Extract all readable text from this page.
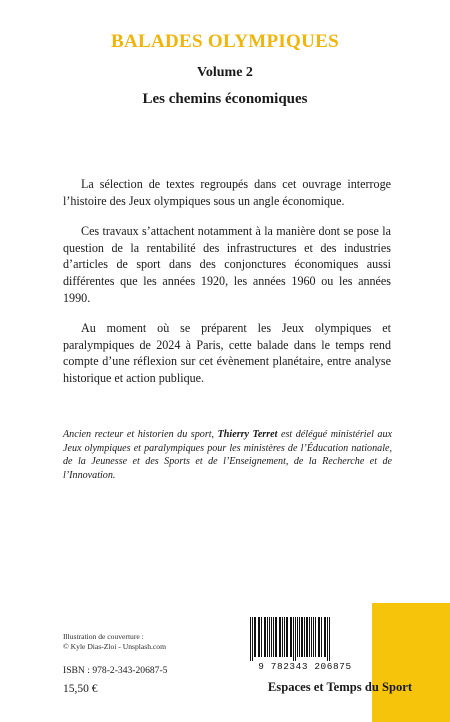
BALADES OLYMPIQUES
Volume 2
Les chemins économiques

La sélection de textes regroupés dans cet ouvrage interroge l’histoire des Jeux olympiques sous un angle économique.

Ces travaux s’attachent notamment à la manière dont se pose la question de la rentabilité des infrastructures et des industries d’articles de sport dans des conjonctures économiques aussi différentes que les années 1920, les années 1960 ou les années 1990.

Au moment où se préparent les Jeux olympiques et paralympiques de 2024 à Paris, cette balade dans le temps rend compte d’une réflexion sur cet évènement planétaire, entre analyse historique et action publique.

Ancien recteur et historien du sport, Thierry Terret est délégué ministériel aux Jeux olympiques et paralympiques pour les ministères de l’Éducation nationale, de la Jeunesse et des Sports et de l’Enseignement, de la Recherche et de l’Innovation.
Illustration de couverture :
© Kyle Dias-Zloi - Unsplash.com
ISBN : 978-2-343-20687-5
15,50 €
9 782343 206875
Espaces et Temps du Sport
